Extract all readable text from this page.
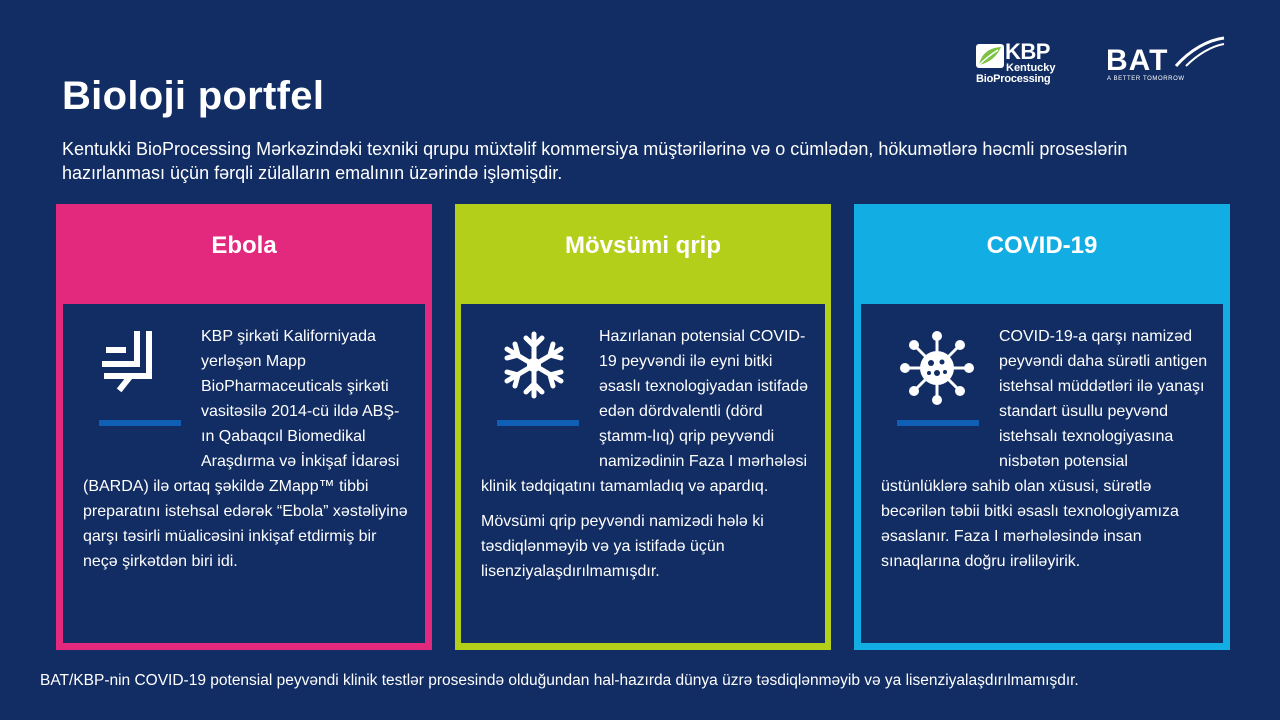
KBP
Kentucky
BioProcessing
BAT
A BETTER TOMORROW
Bioloji portfel
Kentukki BioProcessing Mərkəzindəki texniki qrupu müxtəlif kommersiya müştərilərinə və o cümlədən, hökumətlərə həcmli proseslərin hazırlanması üçün fərqli zülalların emalının üzərində işləmişdir.
Ebola

KBP şirkəti Kaliforniyada yerləşən Mapp BioPharmaceuticals şirkəti vasitəsilə 2014-cü ildə ABŞ-ın Qabaqcıl Biomedikal Araşdırma və İnkişaf İdarəsi (BARDA) ilə ortaq şəkildə ZMapp™ tibbi preparatını istehsal edərək “Ebola” xəstəliyinə qarşı təsirli müalicəsini inkişaf etdirmiş bir neçə şirkətdən biri idi.

Mövsümi qrip

Hazırlanan potensial COVID-19 peyvəndi ilə eyni bitki əsaslı texnologiyadan istifadə edən dördvalentli (dörd ştamm-lıq) qrip peyvəndi namizədinin Faza I mərhələsi klinik tədqiqatını tamamladıq və apardıq.

Mövsümi qrip peyvəndi namizədi hələ ki təsdiqlənməyib və ya istifadə üçün lisenziyalaşdırılmamışdır.

COVID-19

COVID-19-a qarşı namizəd peyvəndi daha sürətli antigen istehsal müddətləri ilə yanaşı standart üsullu peyvənd istehsalı texnologiyasına nisbətən potensial üstünlüklərə sahib olan xüsusi, sürətlə becərilən təbii bitki əsaslı texnologiyamıza əsaslanır. Faza I mərhələsində insan sınaqlarına doğru irəliləyirik.

BAT/KBP-nin COVID-19 potensial peyvəndi klinik testlər prosesində olduğundan hal-hazırda dünya üzrə təsdiqlənməyib və ya lisenziyalaşdırılmamışdır.
